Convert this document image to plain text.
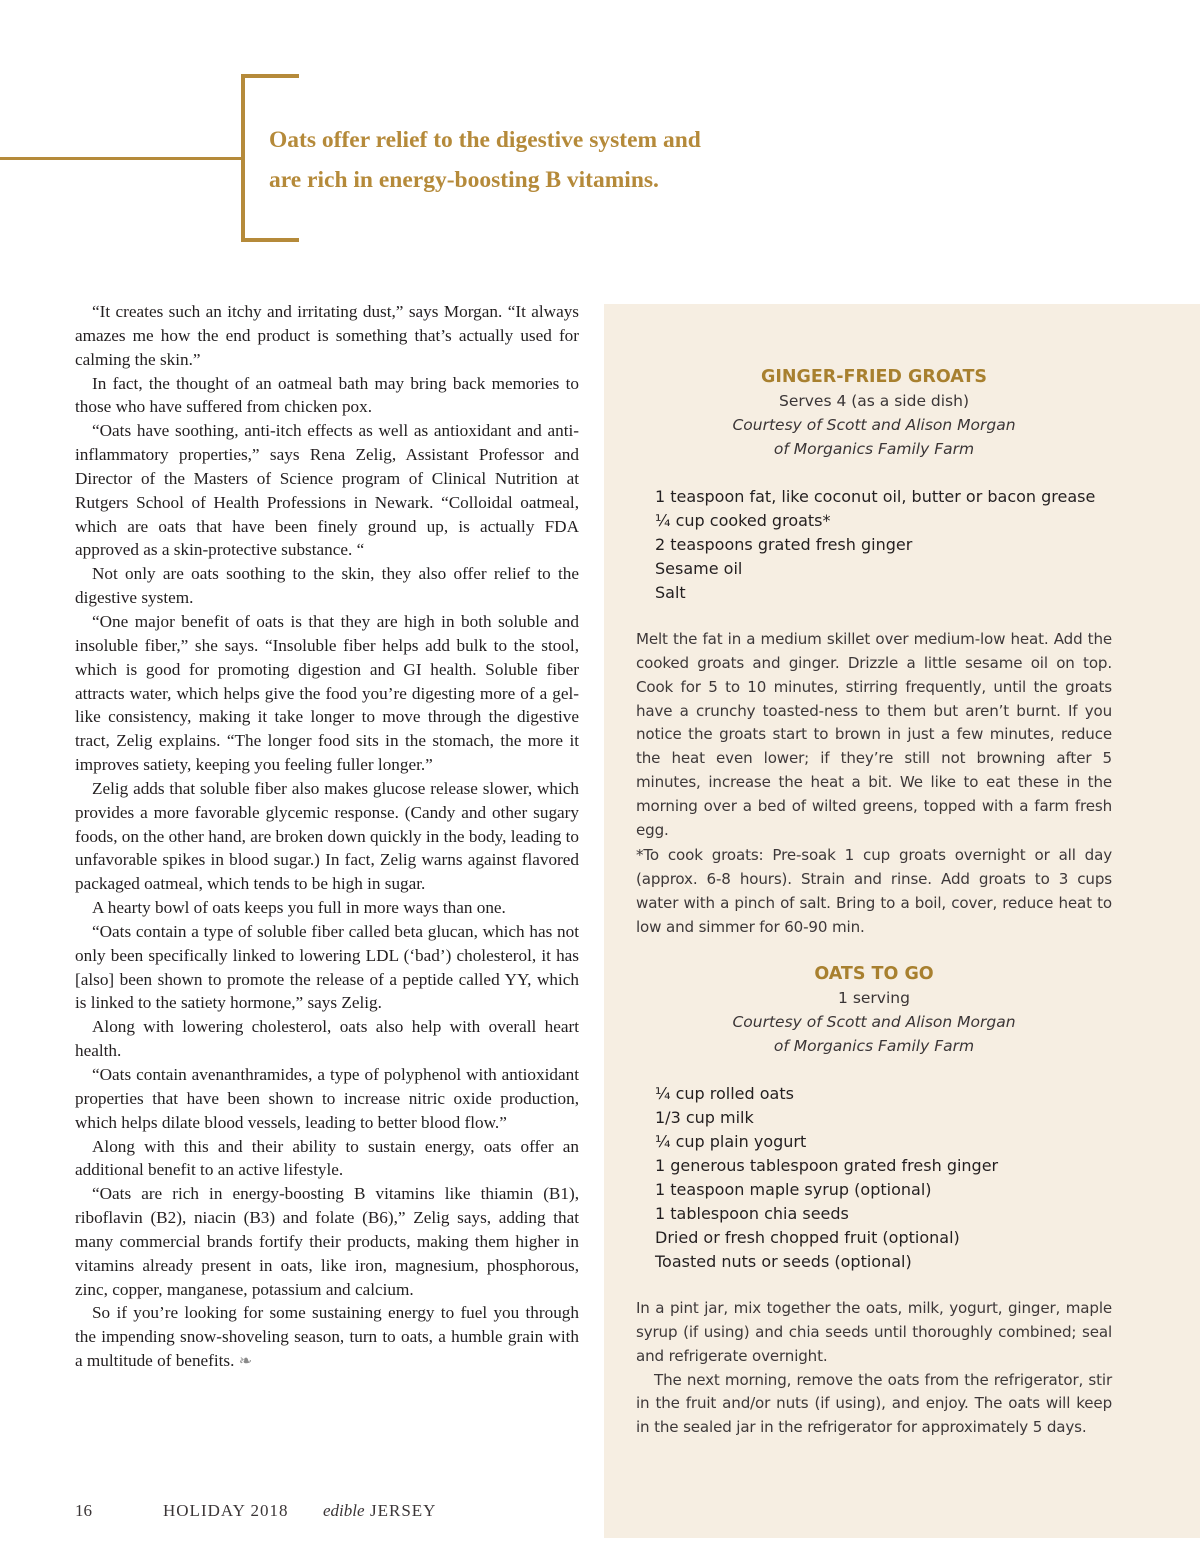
Oats offer relief to the digestive system and
are rich in energy-boosting B vitamins.

“It creates such an itchy and irritating dust,” says Morgan. “It always amazes me how the end product is something that’s actually used for calming the skin.”

In fact, the thought of an oatmeal bath may bring back memories to those who have suffered from chicken pox.

“Oats have soothing, anti-itch effects as well as antioxidant and anti-inflammatory properties,” says Rena Zelig, Assistant Professor and Director of the Masters of Science program of Clinical Nutrition at Rutgers School of Health Professions in Newark. “Colloidal oatmeal, which are oats that have been finely ground up, is actually FDA approved as a skin-protective substance. “

Not only are oats soothing to the skin, they also offer relief to the digestive system.

“One major benefit of oats is that they are high in both soluble and insoluble fiber,” she says. “Insoluble fiber helps add bulk to the stool, which is good for promoting digestion and GI health. Soluble fiber attracts water, which helps give the food you’re digesting more of a gel-like consistency, making it take longer to move through the digestive tract, Zelig explains. “The longer food sits in the stomach, the more it improves satiety, keeping you feeling fuller longer.”

Zelig adds that soluble fiber also makes glucose release slower, which provides a more favorable glycemic response. (Candy and other sugary foods, on the other hand, are broken down quickly in the body, leading to unfavorable spikes in blood sugar.) In fact, Zelig warns against flavored packaged oatmeal, which tends to be high in sugar.

A hearty bowl of oats keeps you full in more ways than one.

“Oats contain a type of soluble fiber called beta glucan, which has not only been specifically linked to lowering LDL (‘bad’) cholesterol, it has [also] been shown to promote the release of a peptide called YY, which is linked to the satiety hormone,” says Zelig.

Along with lowering cholesterol, oats also help with overall heart health.

“Oats contain avenanthramides, a type of polyphenol with antioxidant properties that have been shown to increase nitric oxide production, which helps dilate blood vessels, leading to better blood flow.”

Along with this and their ability to sustain energy, oats offer an additional benefit to an active lifestyle.

“Oats are rich in energy-boosting B vitamins like thiamin (B1), riboflavin (B2), niacin (B3) and folate (B6),” Zelig says, adding that many commercial brands fortify their products, making them higher in vitamins already present in oats, like iron, magnesium, phosphorous, zinc, copper, manganese, potassium and calcium.

So if you’re looking for some sustaining energy to fuel you through the impending snow-shoveling season, turn to oats, a humble grain with a multitude of benefits. ❧

GINGER-FRIED GROATS
Serves 4 (as a side dish)
Courtesy of Scott and Alison Morgan
of Morganics Family Farm
1 teaspoon fat, like coconut oil, butter or bacon grease
¼ cup cooked groats*
2 teaspoons grated fresh ginger
Sesame oil
Salt

Melt the fat in a medium skillet over medium-low heat. Add the cooked groats and ginger. Drizzle a little sesame oil on top. Cook for 5 to 10 minutes, stirring frequently, until the groats have a crunchy toasted-ness to them but aren’t burnt. If you notice the groats start to brown in just a few minutes, reduce the heat even lower; if they’re still not browning after 5 minutes, increase the heat a bit. We like to eat these in the morning over a bed of wilted greens, topped with a farm fresh egg.

*To cook groats: Pre-soak 1 cup groats overnight or all day (approx. 6-8 hours). Strain and rinse. Add groats to 3 cups water with a pinch of salt. Bring to a boil, cover, reduce heat to low and simmer for 60-90 min.

OATS TO GO
1 serving
Courtesy of Scott and Alison Morgan
of Morganics Family Farm
¼ cup rolled oats
1/3 cup milk
¼ cup plain yogurt
1 generous tablespoon grated fresh ginger
1 teaspoon maple syrup (optional)
1 tablespoon chia seeds
Dried or fresh chopped fruit (optional)
Toasted nuts or seeds (optional)

In a pint jar, mix together the oats, milk, yogurt, ginger, maple syrup (if using) and chia seeds until thoroughly combined; seal and refrigerate overnight.

The next morning, remove the oats from the refrigerator, stir in the fruit and/or nuts (if using), and enjoy. The oats will keep in the sealed jar in the refrigerator for approximately 5 days.

16	HOLIDAY 2018 edible JERSEY
